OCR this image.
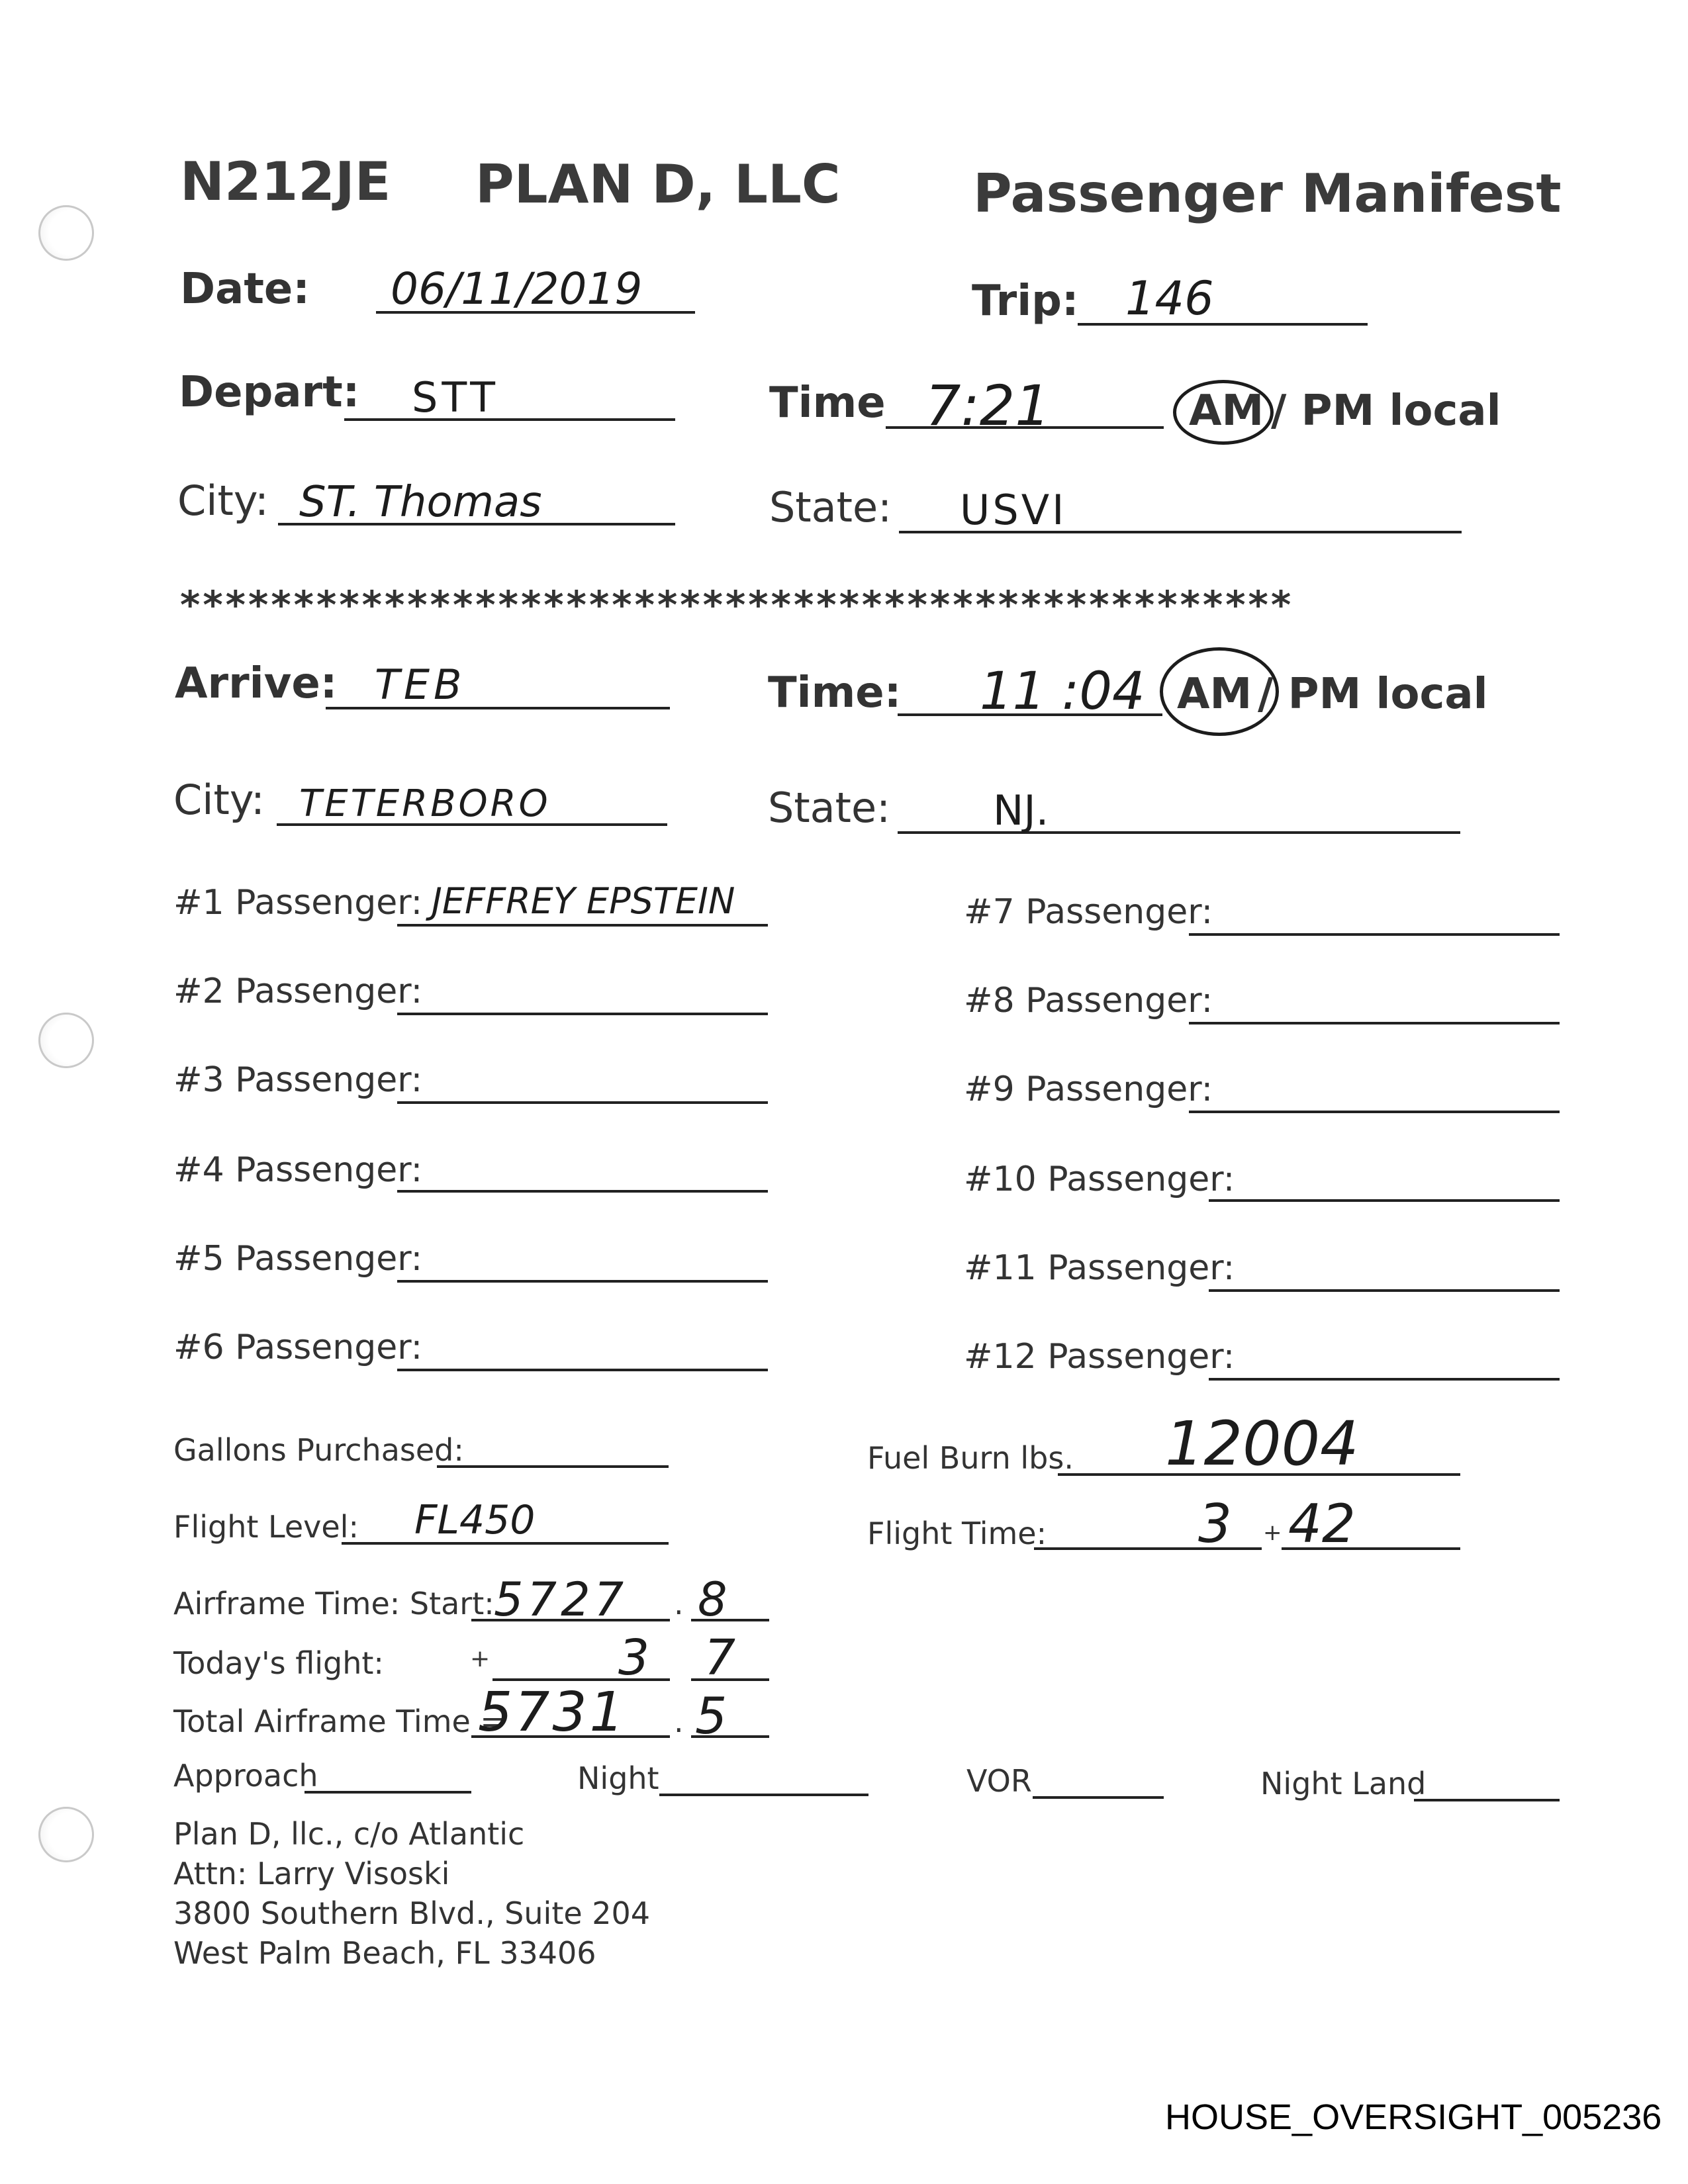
N212JE PLAN D, LLC	Passenger Manifest
Date: 06/11/2019	Trip: 146
Depart: STT	Time 7:21	AM / PM local
City: ST. Thomas	State: USVI
*************************************************
Arrive: TEB	Time: 11 :04 AM / PM local
City: TETERBORO	State: NJ.
#1 Passenger: JEFFREY EPSTEIN
#2 Passenger:
#3 Passenger:
#4 Passenger:
#5 Passenger:
#6 Passenger:
#7 Passenger:
#8 Passenger:
#9 Passenger:
#10 Passenger:
#11 Passenger:
#12 Passenger:
Gallons Purchased:	Fuel Burn lbs. 12004
Flight Level: FL450	Flight Time:	3 + 42
Airframe Time: Start: 5727 . 8
Today's flight:	+	3 7
Total Airframe Time =
5731 . 5
Approach	Night	VOR	Night Land
Plan D, llc., c/o Atlantic
Attn: Larry Visoski
3800 Southern Blvd., Suite 204
West Palm Beach, FL 33406
HOUSE_OVERSIGHT_005236
